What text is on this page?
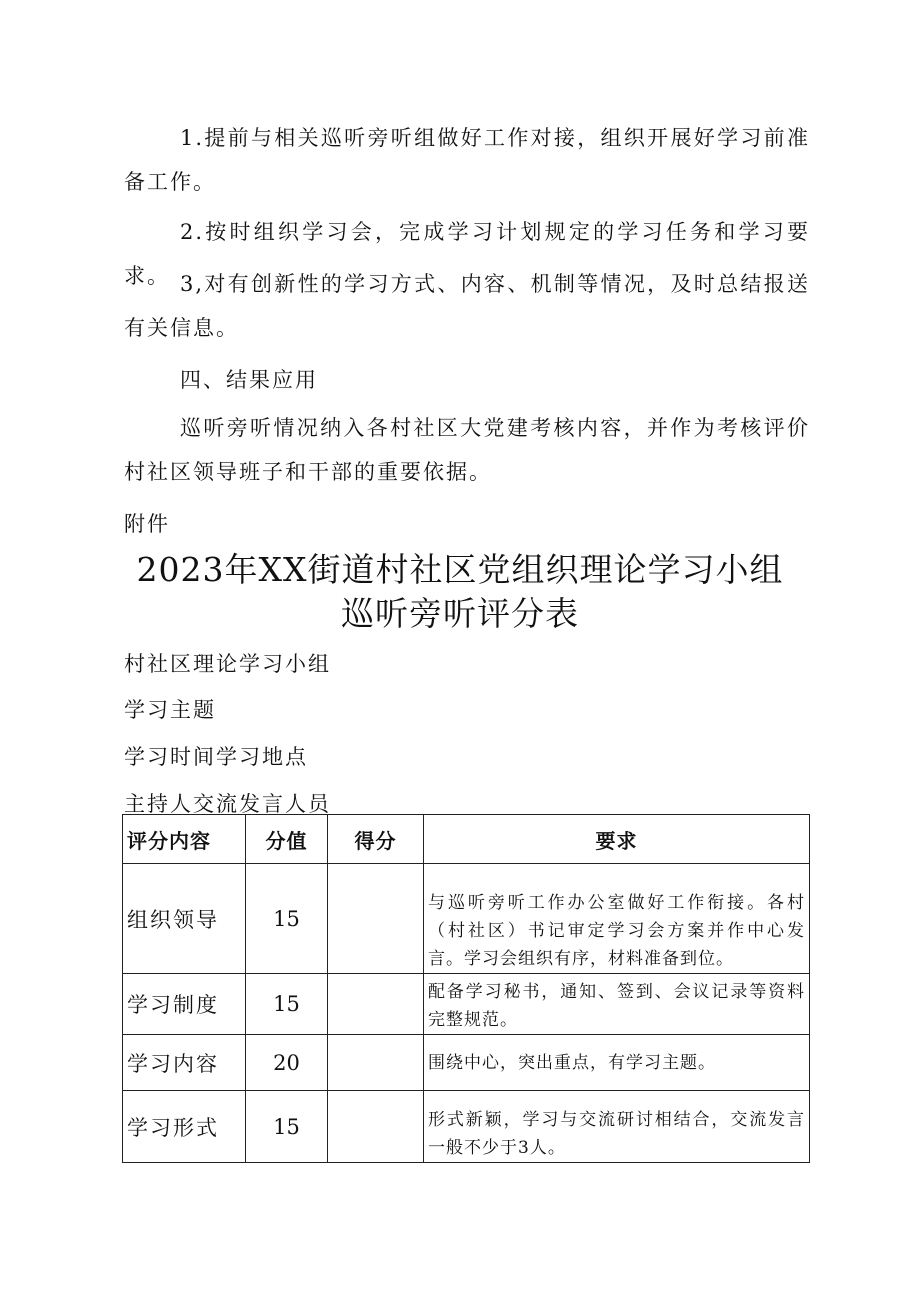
1.提前与相关巡听旁听组做好工作对接，组织开展好学习前准备工作。
2.按时组织学习会，完成学习计划规定的学习任务和学习要求。 3,对有创新性的学习方式、内容、机制等情况，及时总结报送有关信息。
四、结果应用
巡听旁听情况纳入各村社区大党建考核内容，并作为考核评价村社区领导班子和干部的重要依据。
附件
2023年XX街道村社区党组织理论学习小组
巡听旁听评分表
村社区理论学习小组
学习主题
学习时间学习地点
主持人交流发言人员
评分内容	分值	得分	要求
组织领导	15		与巡听旁听工作办公室做好工作衔接。各村（村社区）书记审定学习会方案并作中心发言。学习会组织有序，材料准备到位。
学习制度	15		配备学习秘书，通知、签到、会议记录等资料完整规范。
学习内容	20		围绕中心，突出重点，有学习主题。
学习形式	15		形式新颖，学习与交流研讨相结合，交流发言一般不少于3人。
